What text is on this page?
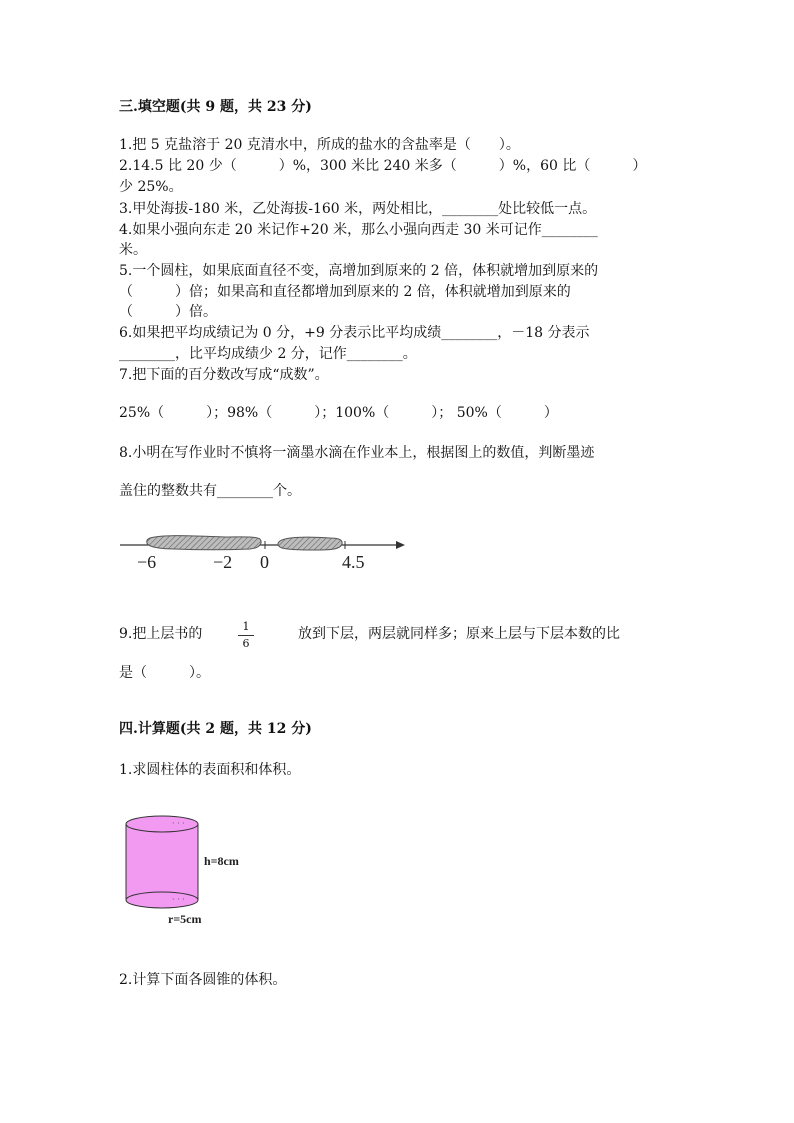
三.填空题(共 9 题，共 23 分)
1.把 5 克盐溶于 20 克清水中，所成的盐水的含盐率是（　　）。
2.14.5 比 20 少（　　　）%，300 米比 240 米多（　　　）%，60 比（　　　）
少 25%。
3.甲处海拔-180 米，乙处海拔-160 米，两处相比，________处比较低一点。
4.如果小强向东走 20 米记作+20 米，那么小强向西走 30 米可记作________
米。
5.一个圆柱，如果底面直径不变，高增加到原来的 2 倍，体积就增加到原来的
（　　　）倍；如果高和直径都增加到原来的 2 倍，体积就增加到原来的
（　　　）倍。
6.如果把平均成绩记为 0 分，+9 分表示比平均成绩________，－18 分表示
________，比平均成绩少 2 分，记作________。
7.把下面的百分数改写成“成数”。
25%（　　　）；98%（　　　）；100%（　　　）； 50%（　　　）
8.小明在写作业时不慎将一滴墨水滴在作业本上，根据图上的数值，判断墨迹
盖住的整数共有________个。
−6	−2 0	4.5
9.把上层书的	1
6
放到下层，两层就同样多；原来上层与下层本数的比
是（　　　）。
四.计算题(共 2 题，共 12 分)
1.求圆柱体的表面积和体积。
· · ·
· · ·
h=8cm
r=5cm
2.计算下面各圆锥的体积。
